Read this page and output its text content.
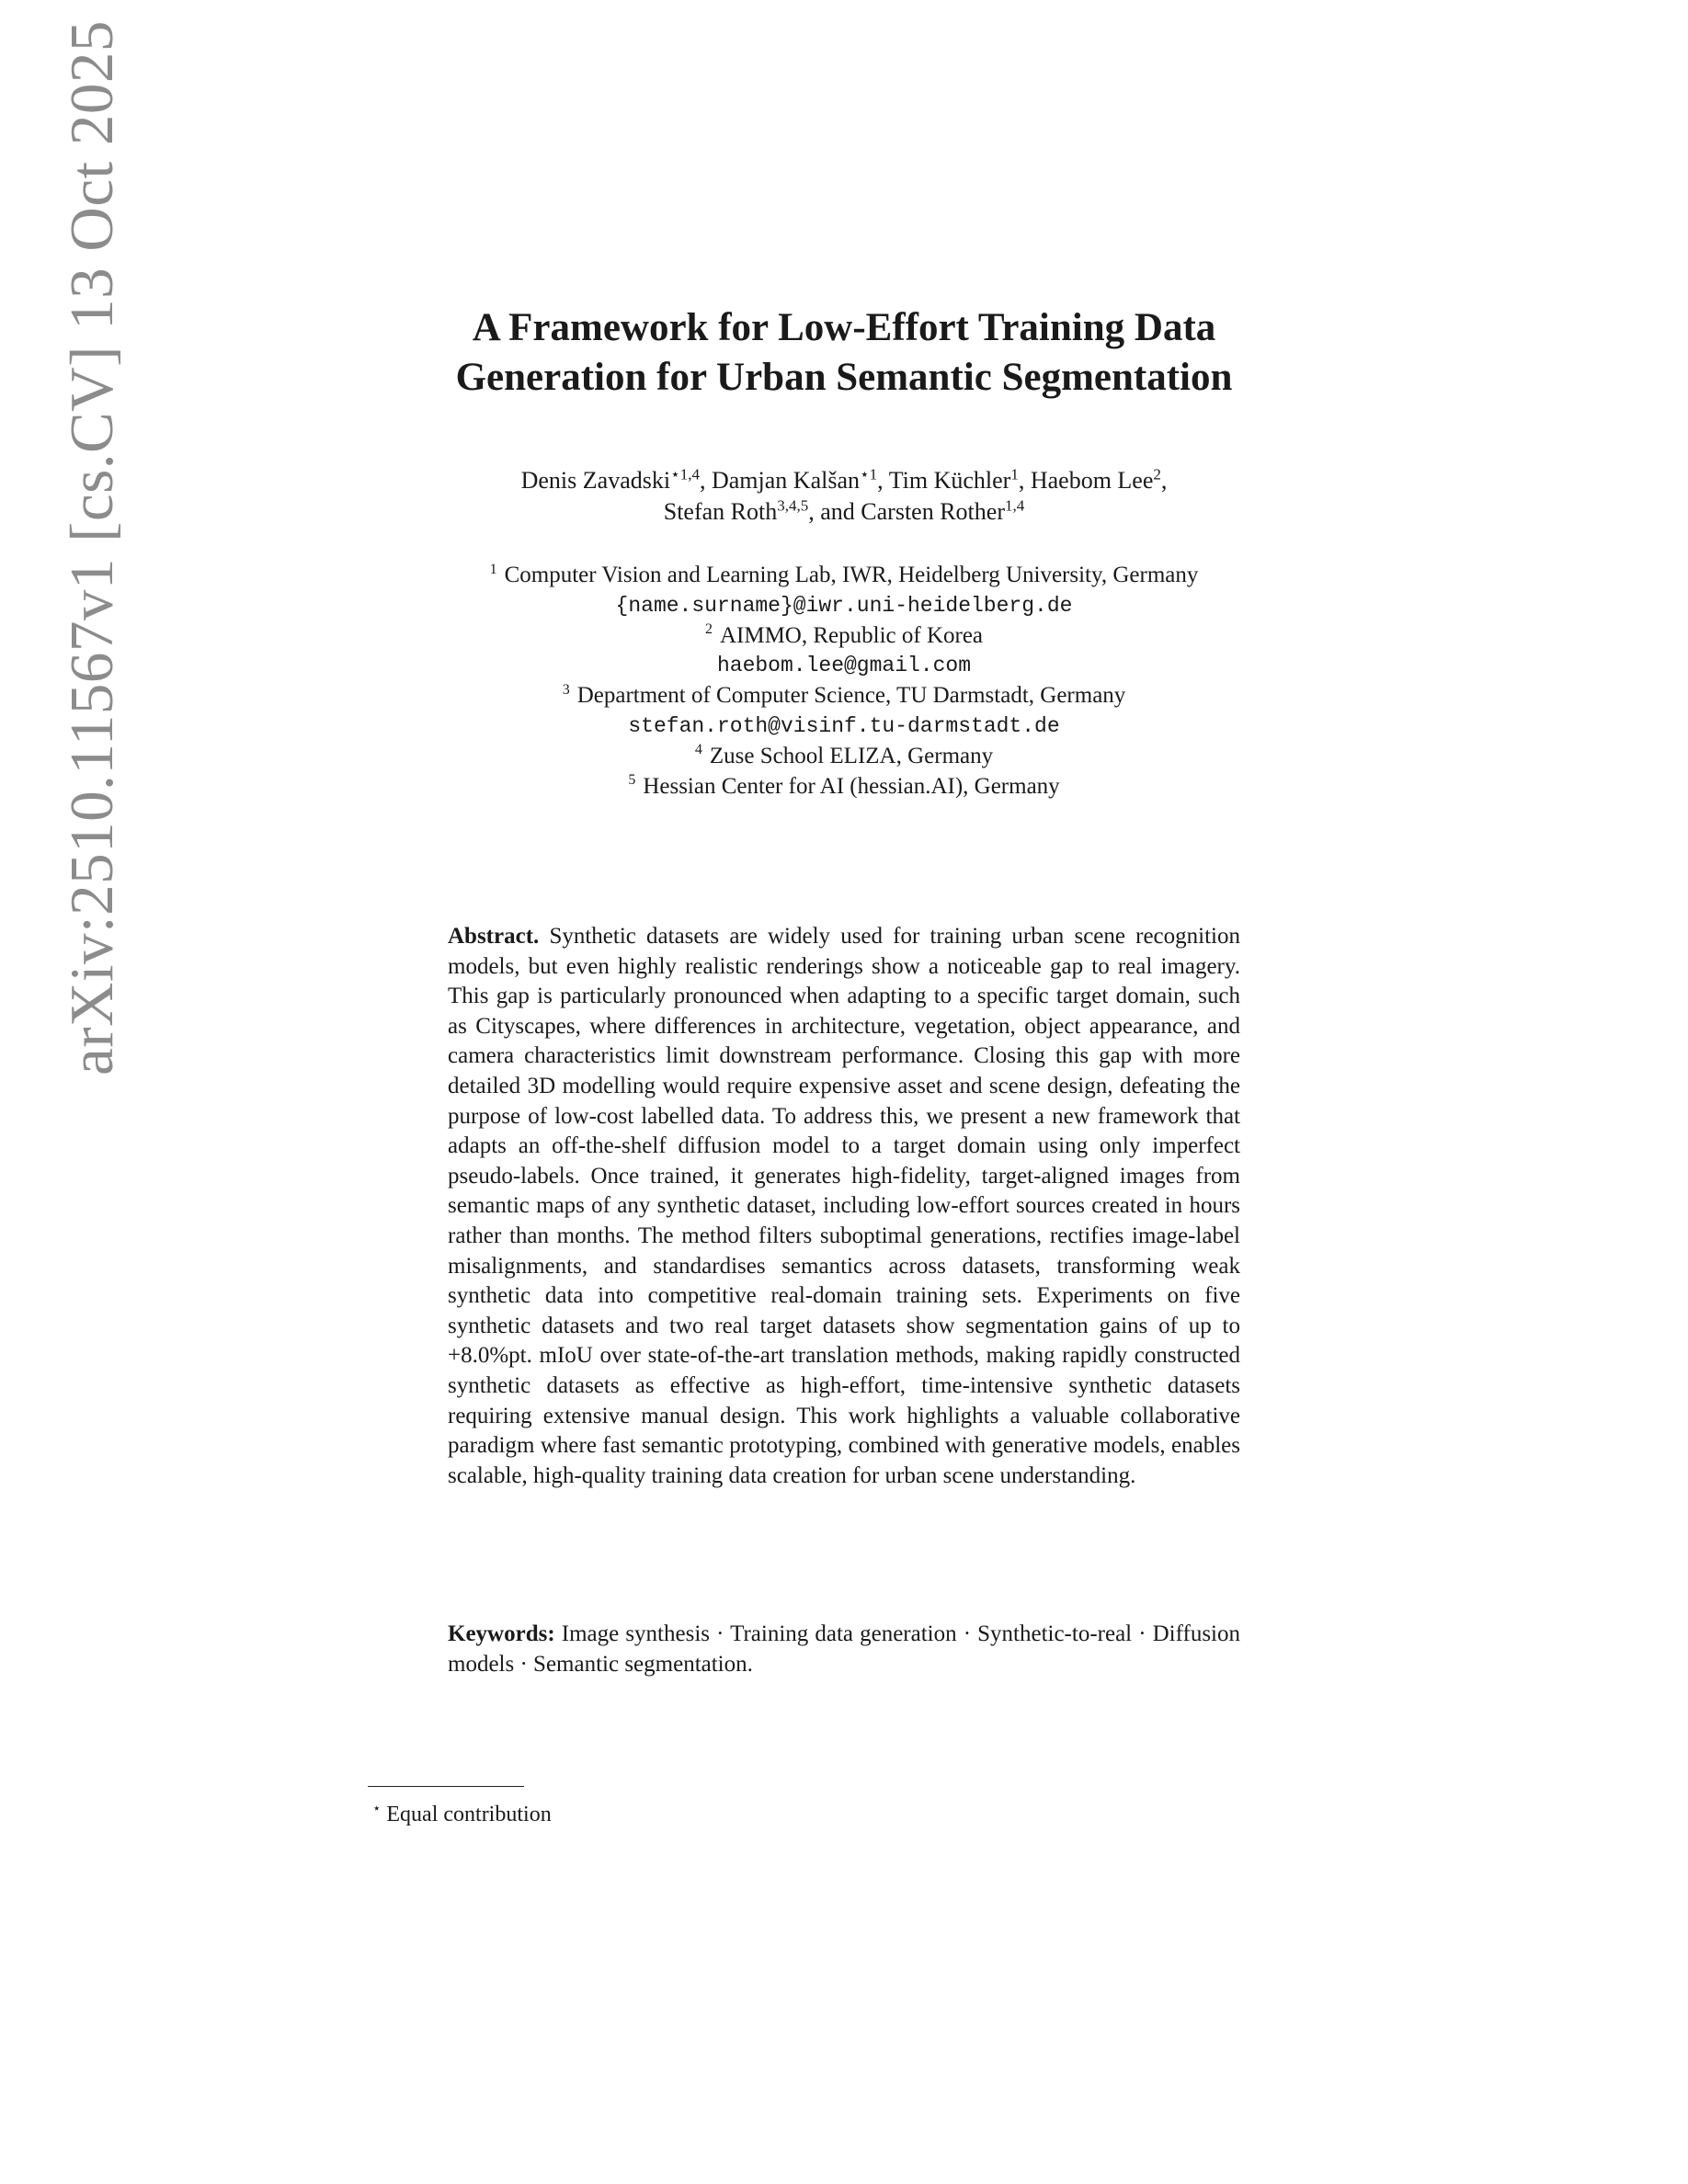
arXiv:2510.11567v1 [cs.CV] 13 Oct 2025	A Framework for Low-Effort Training Data
Generation for Urban Semantic Segmentation
Denis Zavadski$^{⋆1,4}$, Damjan Kalšan$^{⋆1}$, Tim Küchler$^1$, Haebom Lee$^2$,
Stefan Roth$^{3,4,5}$, and Carsten Rother$^{1,4}$
$^1$ Computer Vision and Learning Lab, IWR, Heidelberg University, Germany
{name.surname}@iwr.uni-heidelberg.de
$^2$ AIMMO, Republic of Korea
haebom.lee@gmail.com
$^3$ Department of Computer Science, TU Darmstadt, Germany
stefan.roth@visinf.tu-darmstadt.de
$^4$ Zuse School ELIZA, Germany
$^5$ Hessian Center for AI (hessian.AI), Germany

Abstract. Synthetic datasets are widely used for training urban scene recognition models, but even highly realistic renderings show a noticeable gap to real imagery. This gap is particularly pronounced when adapting to a specific target domain, such as Cityscapes, where differences in architecture, vegetation, object appearance, and camera characteristics limit downstream performance. Closing this gap with more detailed 3D modelling would require expensive asset and scene design, defeating the purpose of low-cost labelled data. To address this, we present a new framework that adapts an off-the-shelf diffusion model to a target domain using only imperfect pseudo-labels. Once trained, it generates high-fidelity, target-aligned images from semantic maps of any synthetic dataset, including low-effort sources created in hours rather than months. The method filters suboptimal generations, rectifies image-label misalignments, and standardises semantics across datasets, transforming weak synthetic data into competitive real-domain training sets. Experiments on five synthetic datasets and two real target datasets show segmentation gains of up to +8.0%pt. mIoU over state-of-the-art translation methods, making rapidly constructed synthetic datasets as effective as high-effort, time-intensive synthetic datasets requiring extensive manual design. This work highlights a valuable collaborative paradigm where fast semantic prototyping, combined with generative models, enables scalable, high-quality training data creation for urban scene understanding.

Keywords: Image synthesis · Training data generation · Synthetic-to-real · Diffusion models · Semantic segmentation.

⋆ Equal contribution
